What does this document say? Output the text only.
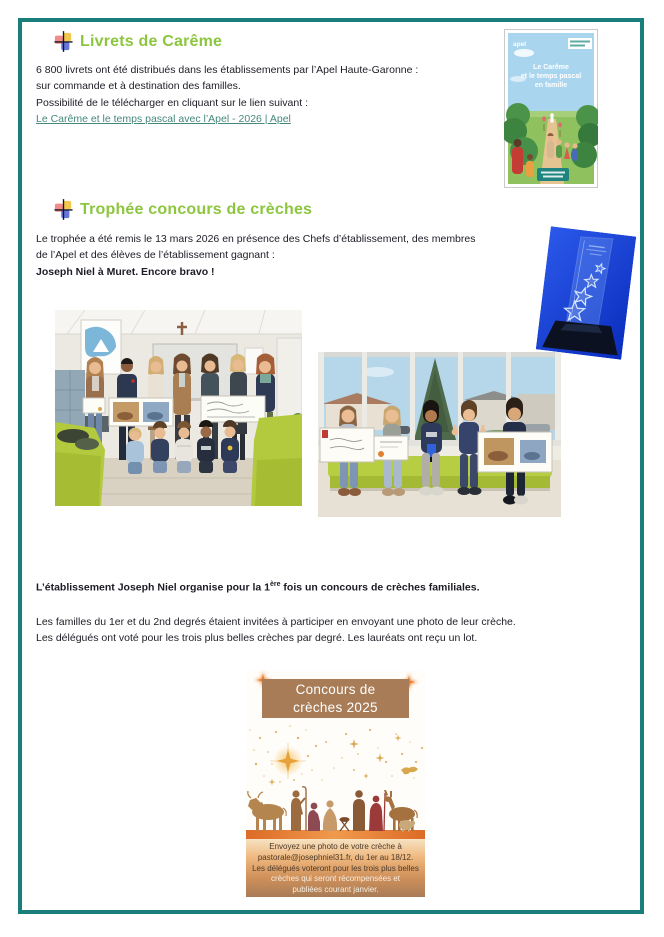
Livrets de Carême
6 800 livrets ont été distribués dans les établissements par l’Apel Haute-Garonne :
sur commande et à destination des familles.
Possibilité de le télécharger en cliquant sur le lien suivant :
Le Carême et le temps pascal avec l’Apel - 2026 | Apel
apel
Le Carême
et le temps pascal
en famille
Trophée concours de crèches
Le trophée a été remis le 13 mars 2026 en présence des Chefs d’établissement, des membres
de l’Apel et des élèves de l’établissement gagnant :
Joseph Niel à Muret. Encore bravo !
L’établissement Joseph Niel organise pour la 1ère fois un concours de crèches familiales.
Les familles du 1er et du 2nd degrés étaient invitées à participer en envoyant une photo de leur crèche.
Les délégués ont voté pour les trois plus belles crèches par degré. Les lauréats ont reçu un lot.
Concours de
crèches 2025
Envoyez une photo de votre crèche à
pastorale@josephniel31.fr, du 1er au 18/12.
Les délégués voteront pour les trois plus belles
crèches qui seront récompensées et
publiées courant janvier.
